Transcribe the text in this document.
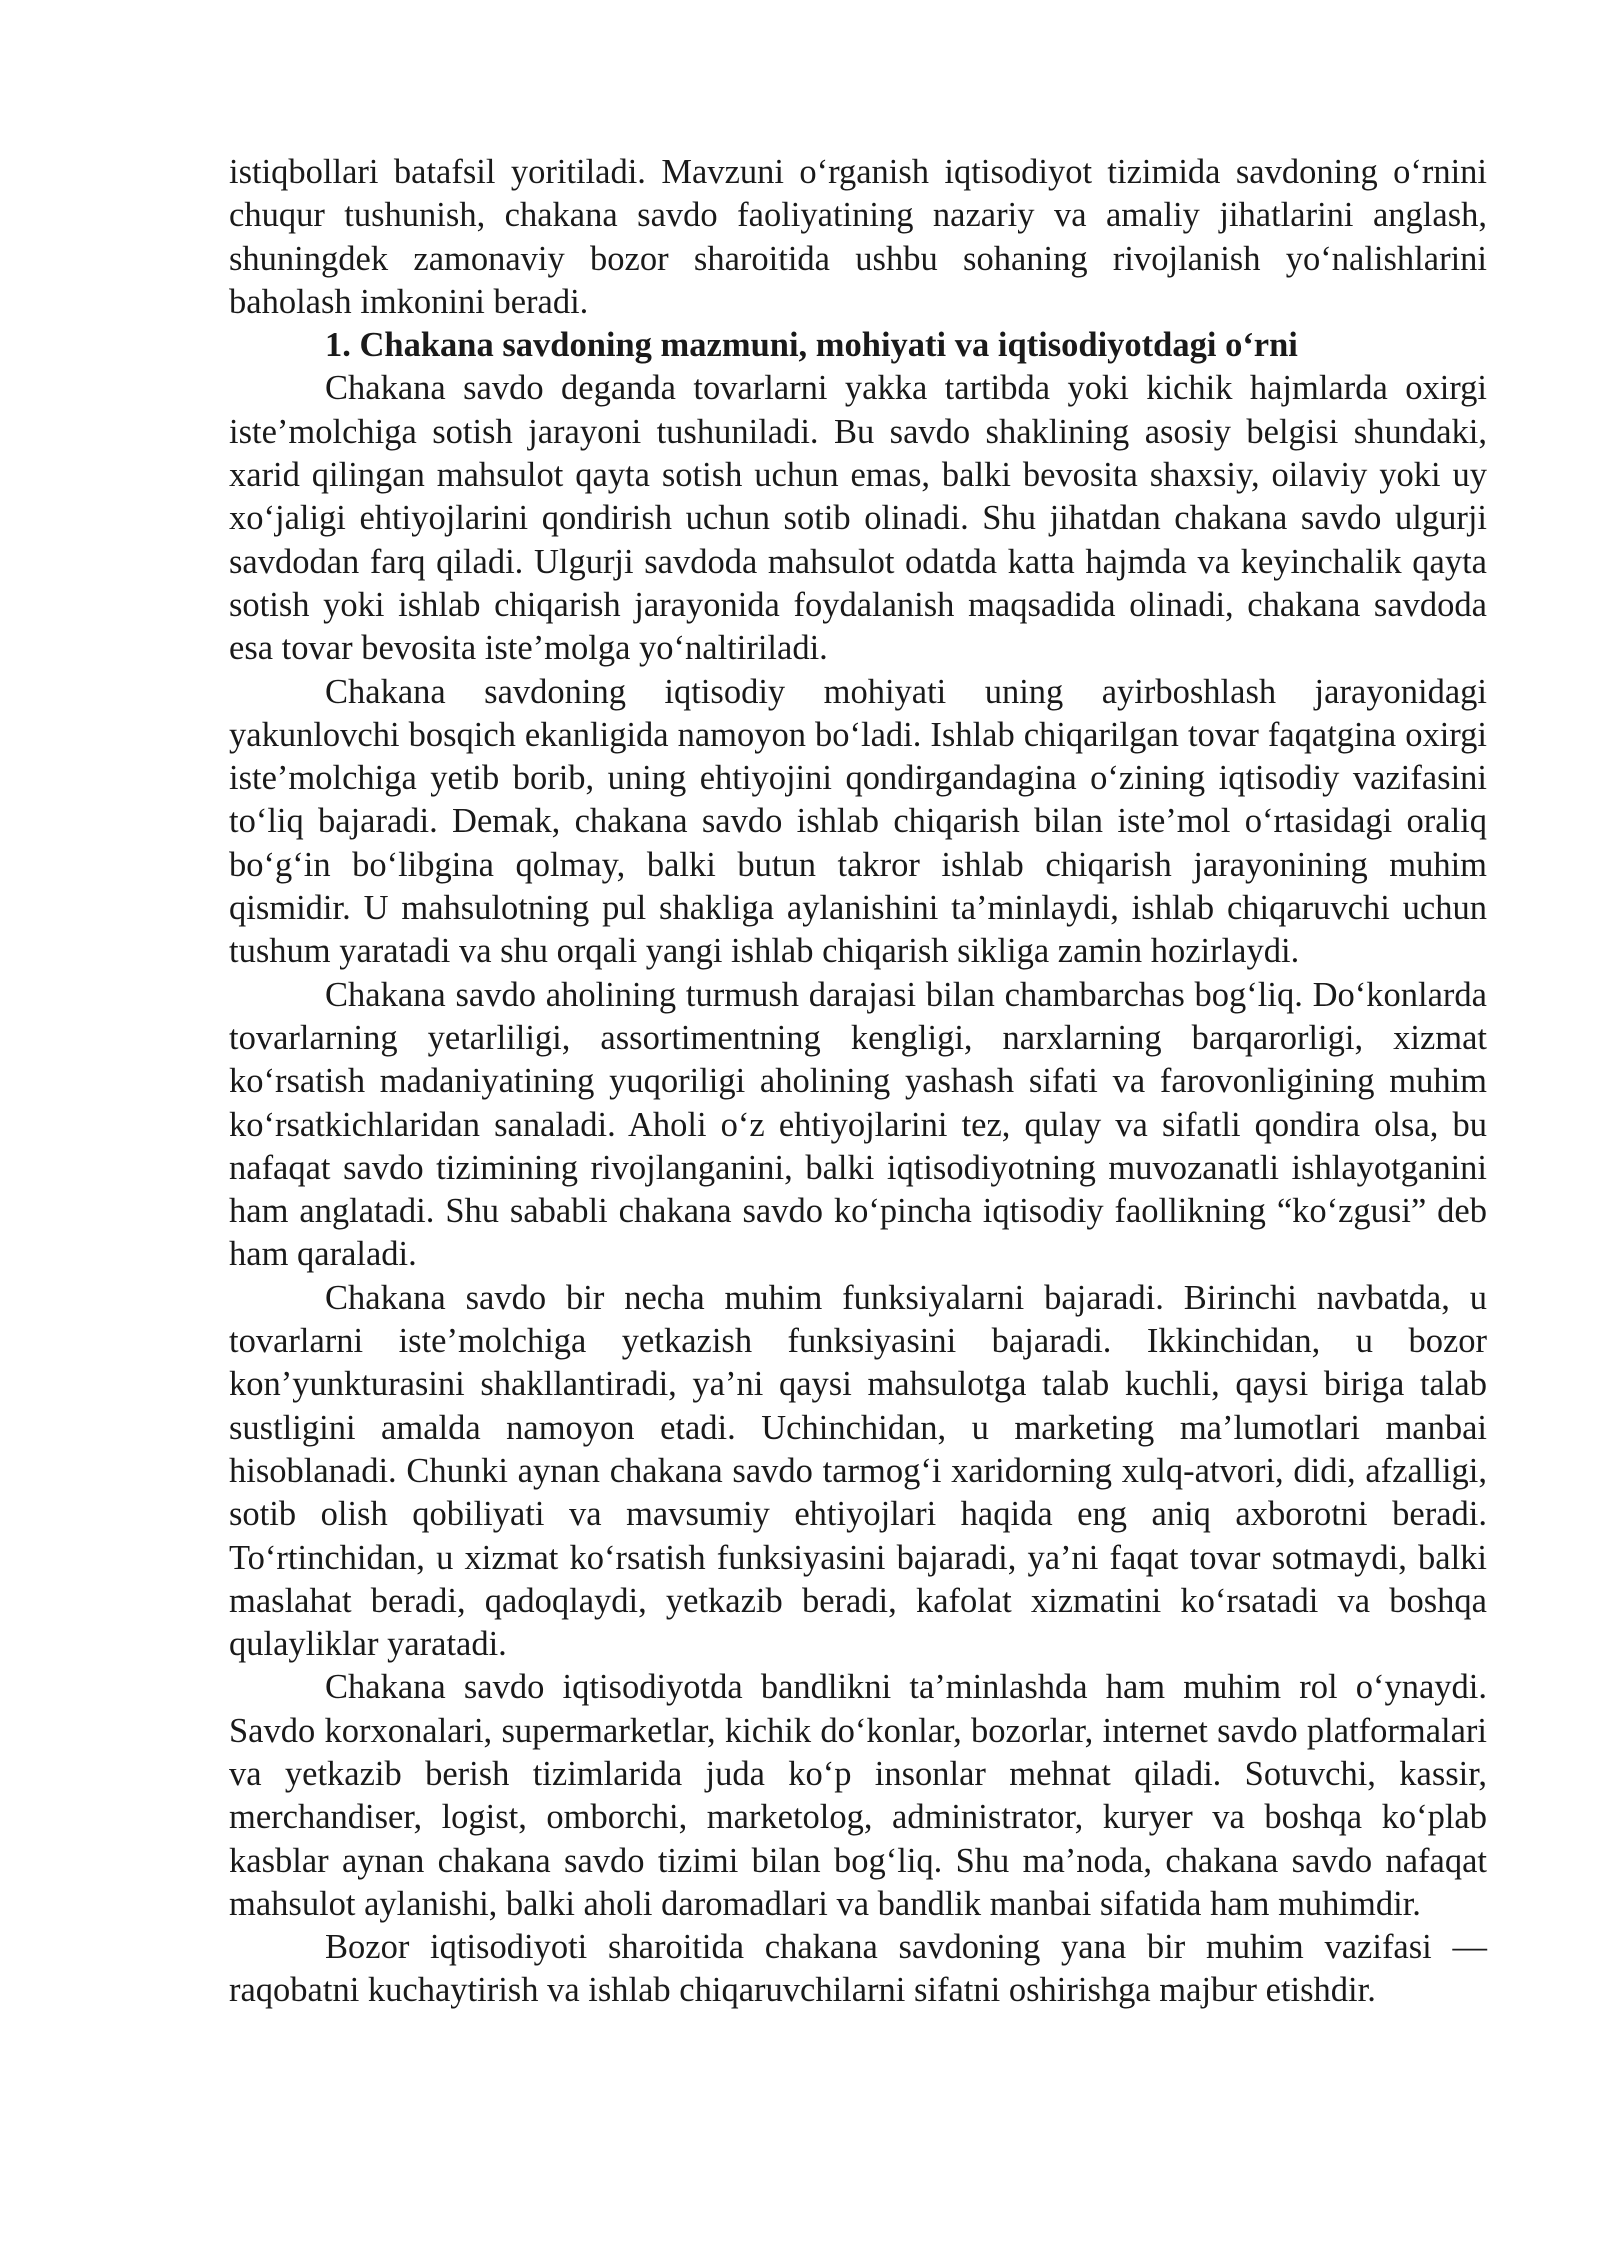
istiqbollari batafsil yoritiladi. Mavzuni o‘rganish iqtisodiyot tizimida savdoning o‘rnini chuqur tushunish, chakana savdo faoliyatining nazariy va amaliy jihatlarini anglash, shuningdek zamonaviy bozor sharoitida ushbu sohaning rivojlanish yo‘nalishlarini baholash imkonini beradi.

1. Chakana savdoning mazmuni, mohiyati va iqtisodiyotdagi o‘rni

Chakana savdo deganda tovarlarni yakka tartibda yoki kichik hajmlarda oxirgi iste’molchiga sotish jarayoni tushuniladi. Bu savdo shaklining asosiy belgisi shundaki, xarid qilingan mahsulot qayta sotish uchun emas, balki bevosita shaxsiy, oilaviy yoki uy xo‘jaligi ehtiyojlarini qondirish uchun sotib olinadi. Shu jihatdan chakana savdo ulgurji savdodan farq qiladi. Ulgurji savdoda mahsulot odatda katta hajmda va keyinchalik qayta sotish yoki ishlab chiqarish jarayonida foydalanish maqsadida olinadi, chakana savdoda esa tovar bevosita iste’molga yo‘naltiriladi.

Chakana savdoning iqtisodiy mohiyati uning ayirboshlash jarayonidagi yakunlovchi bosqich ekanligida namoyon bo‘ladi. Ishlab chiqarilgan tovar faqatgina oxirgi iste’molchiga yetib borib, uning ehtiyojini qondirgandagina o‘zining iqtisodiy vazifasini to‘liq bajaradi. Demak, chakana savdo ishlab chiqarish bilan iste’mol o‘rtasidagi oraliq bo‘g‘in bo‘libgina qolmay, balki butun takror ishlab chiqarish jarayonining muhim qismidir. U mahsulotning pul shakliga aylanishini ta’minlaydi, ishlab chiqaruvchi uchun tushum yaratadi va shu orqali yangi ishlab chiqarish sikliga zamin hozirlaydi.

Chakana savdo aholining turmush darajasi bilan chambarchas bog‘liq. Do‘konlarda tovarlarning yetarliligi, assortimentning kengligi, narxlarning barqarorligi, xizmat ko‘rsatish madaniyatining yuqoriligi aholining yashash sifati va farovonligining muhim ko‘rsatkichlaridan sanaladi. Aholi o‘z ehtiyojlarini tez, qulay va sifatli qondira olsa, bu nafaqat savdo tizimining rivojlanganini, balki iqtisodiyotning muvozanatli ishlayotganini ham anglatadi. Shu sababli chakana savdo ko‘pincha iqtisodiy faollikning “ko‘zgusi” deb ham qaraladi.

Chakana savdo bir necha muhim funksiyalarni bajaradi. Birinchi navbatda, u tovarlarni iste’molchiga yetkazish funksiyasini bajaradi. Ikkinchidan, u bozor kon’yunkturasini shakllantiradi, ya’ni qaysi mahsulotga talab kuchli, qaysi biriga talab sustligini amalda namoyon etadi. Uchinchidan, u marketing ma’lumotlari manbai hisoblanadi. Chunki aynan chakana savdo tarmog‘i xaridorning xulq-atvori, didi, afzalligi, sotib olish qobiliyati va mavsumiy ehtiyojlari haqida eng aniq axborotni beradi. To‘rtinchidan, u xizmat ko‘rsatish funksiyasini bajaradi, ya’ni faqat tovar sotmaydi, balki maslahat beradi, qadoqlaydi, yetkazib beradi, kafolat xizmatini ko‘rsatadi va boshqa qulayliklar yaratadi.

Chakana savdo iqtisodiyotda bandlikni ta’minlashda ham muhim rol o‘ynaydi. Savdo korxonalari, supermarketlar, kichik do‘konlar, bozorlar, internet savdo platformalari va yetkazib berish tizimlarida juda ko‘p insonlar mehnat qiladi. Sotuvchi, kassir, merchandiser, logist, omborchi, marketolog, administrator, kuryer va boshqa ko‘plab kasblar aynan chakana savdo tizimi bilan bog‘liq. Shu ma’noda, chakana savdo nafaqat mahsulot aylanishi, balki aholi daromadlari va bandlik manbai sifatida ham muhimdir.

Bozor iqtisodiyoti sharoitida chakana savdoning yana bir muhim vazifasi — raqobatni kuchaytirish va ishlab chiqaruvchilarni sifatni oshirishga majbur etishdir.
